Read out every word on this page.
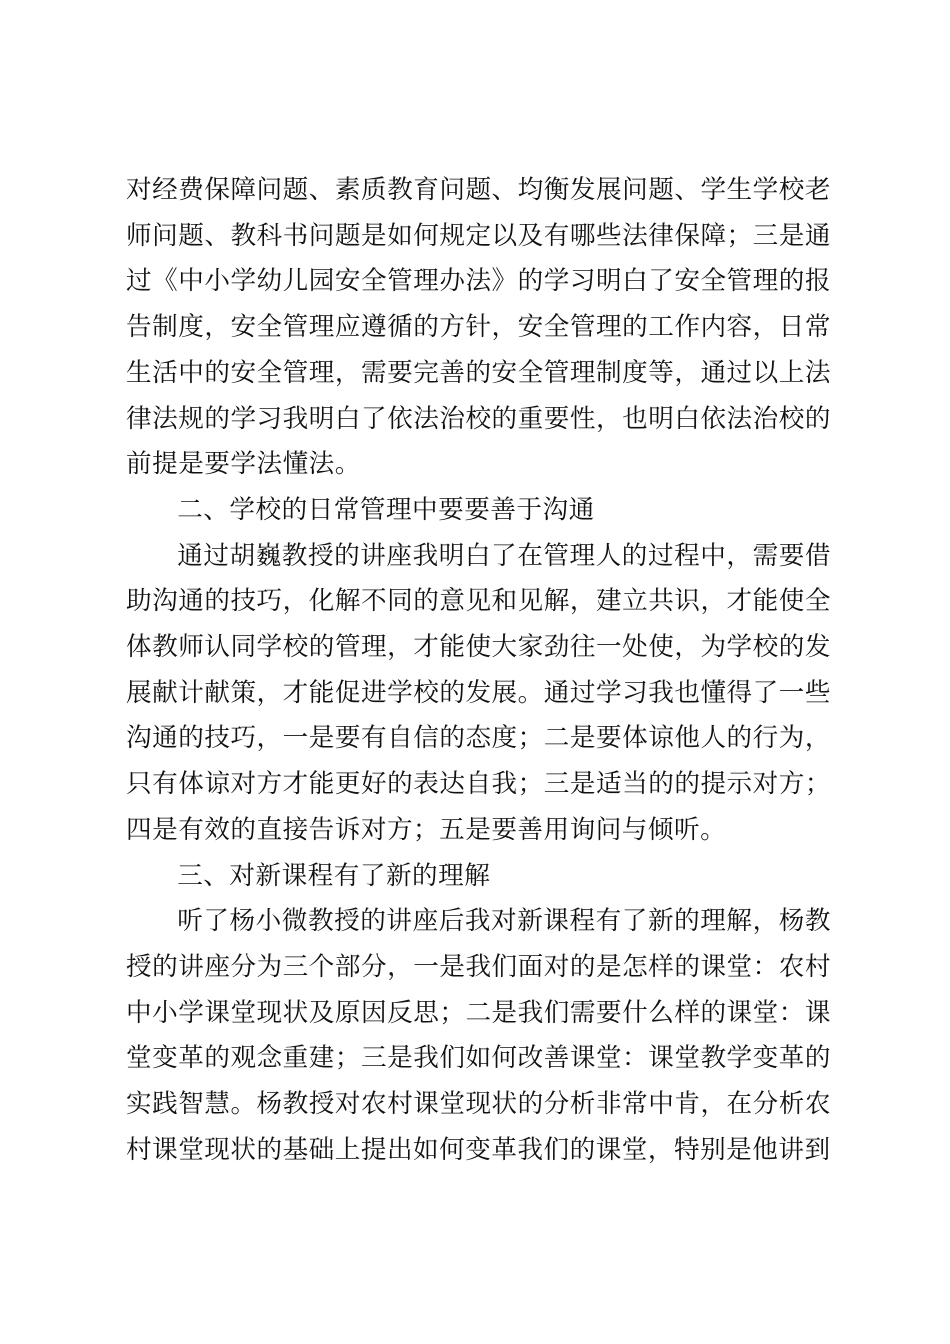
对经费保障问题、素质教育问题、均衡发展问题、学生学校老师问题、教科书问题是如何规定以及有哪些法律保障；三是通过《中小学幼儿园安全管理办法》的学习明白了安全管理的报告制度，安全管理应遵循的方针，安全管理的工作内容，日常生活中的安全管理，需要完善的安全管理制度等，通过以上法律法规的学习我明白了依法治校的重要性，也明白依法治校的前提是要学法懂法。

二、学校的日常管理中要要善于沟通

通过胡巍教授的讲座我明白了在管理人的过程中，需要借助沟通的技巧，化解不同的意见和见解，建立共识，才能使全体教师认同学校的管理，才能使大家劲往一处使，为学校的发展献计献策，才能促进学校的发展。通过学习我也懂得了一些沟通的技巧，一是要有自信的态度；二是要体谅他人的行为，只有体谅对方才能更好的表达自我；三是适当的的提示对方；四是有效的直接告诉对方；五是要善用询问与倾听。

三、对新课程有了新的理解

听了杨小微教授的讲座后我对新课程有了新的理解，杨教授的讲座分为三个部分，一是我们面对的是怎样的课堂：农村中小学课堂现状及原因反思；二是我们需要什么样的课堂：课堂变革的观念重建；三是我们如何改善课堂：课堂教学变革的实践智慧。杨教授对农村课堂现状的分析非常中肯，在分析农村课堂现状的基础上提出如何变革我们的课堂，特别是他讲到
